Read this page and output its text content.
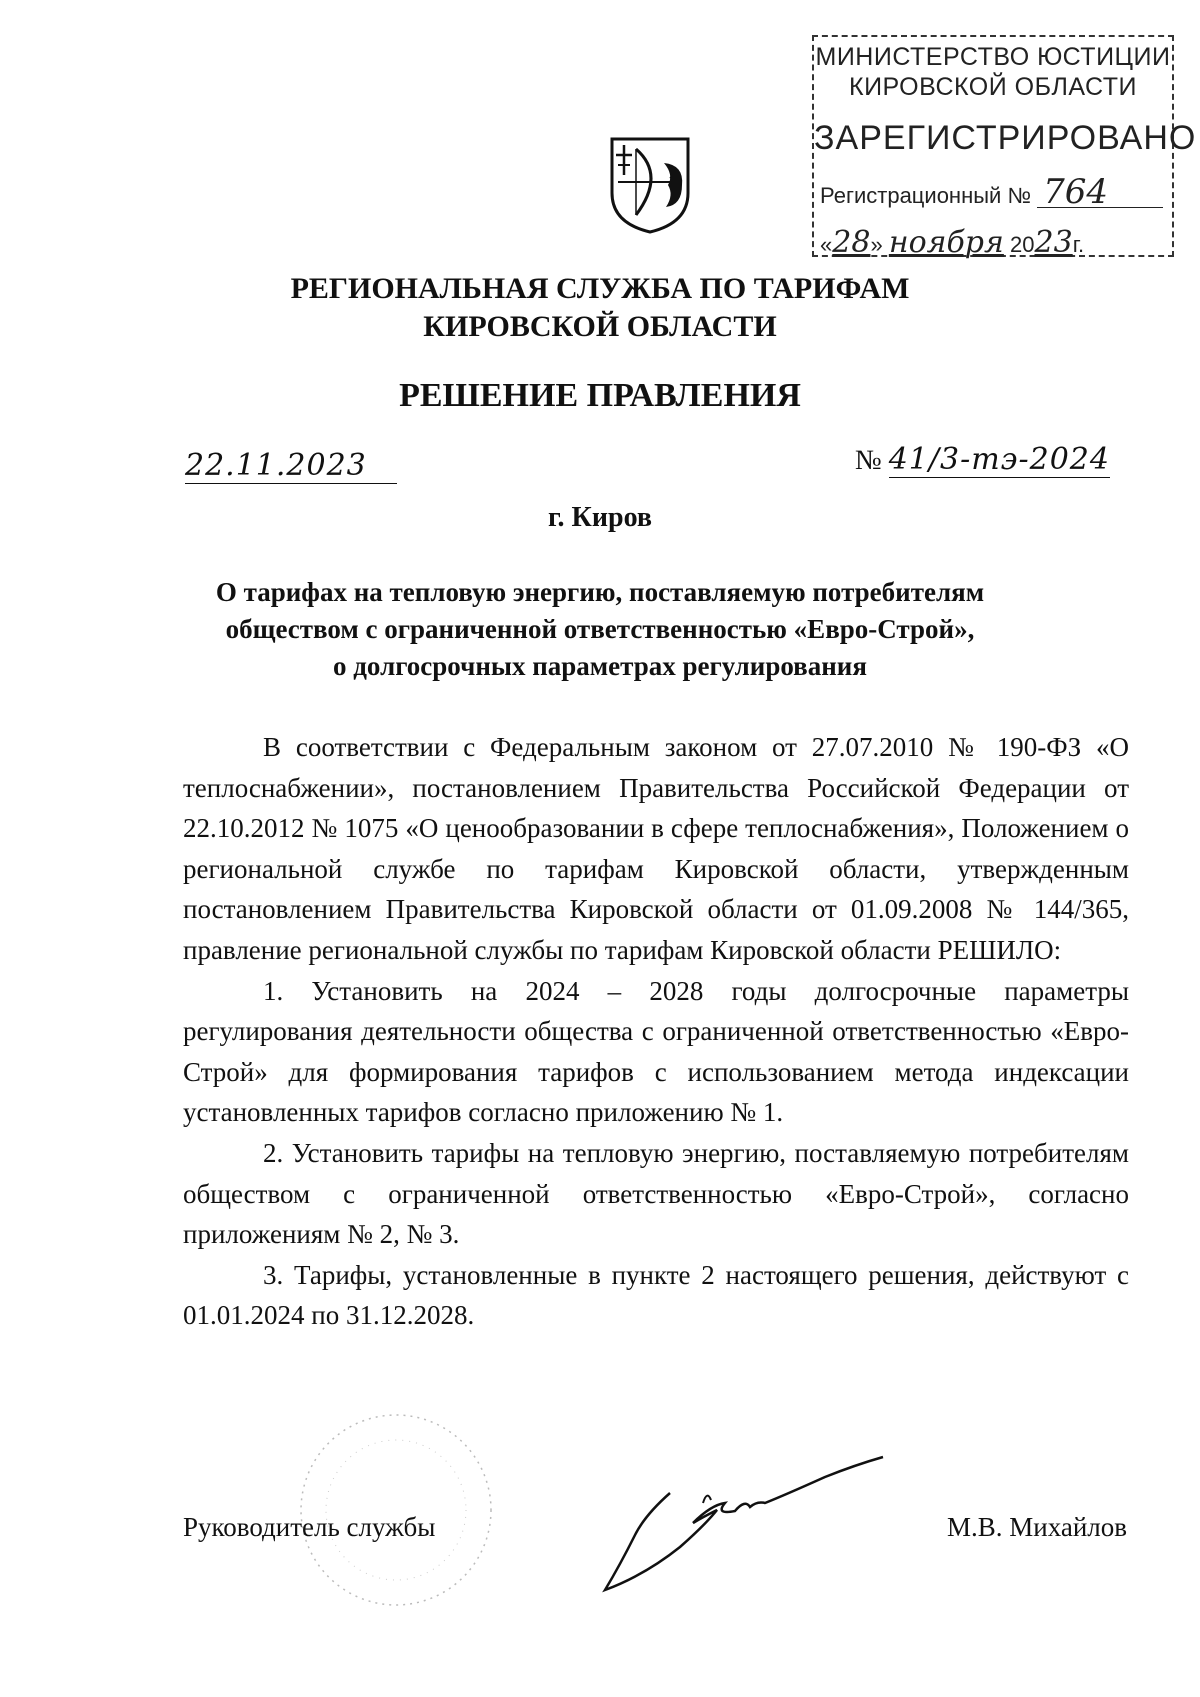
МИНИСТЕРСТВО ЮСТИЦИИ
КИРОВСКОЙ ОБЛАСТИ
ЗАРЕГИСТРИРОВАНО
Регистрационный № 764
«28» ноября 2023г.
РЕГИОНАЛЬНАЯ СЛУЖБА ПО ТАРИФАМ
КИРОВСКОЙ ОБЛАСТИ
РЕШЕНИЕ ПРАВЛЕНИЯ
22.11.2023	№ 41/3-тэ-2024
г. Киров
О тарифах на тепловую энергию, поставляемую потребителям
обществом с ограниченной ответственностью «Евро-Строй»,
о долгосрочных параметрах регулирования

В соответствии с Федеральным законом от 27.07.2010 № 190-ФЗ «О теплоснабжении», постановлением Правительства Российской Федерации от 22.10.2012 № 1075 «О ценообразовании в сфере теплоснабжения», Положением о региональной службе по тарифам Кировской области, утвержденным постановлением Правительства Кировской области от 01.09.2008 № 144/365, правление региональной службы по тарифам Кировской области РЕШИЛО:

1. Установить на 2024 – 2028 годы долгосрочные параметры регулирования деятельности общества с ограниченной ответственностью «Евро-Строй» для формирования тарифов с использованием метода индексации установленных тарифов согласно приложению № 1.

2. Установить тарифы на тепловую энергию, поставляемую потребителям обществом с ограниченной ответственностью «Евро-Строй», согласно приложениям № 2, № 3.

3. Тарифы, установленные в пункте 2 настоящего решения, действуют с 01.01.2024 по 31.12.2028.

Руководитель службы	М.В. Михайлов
